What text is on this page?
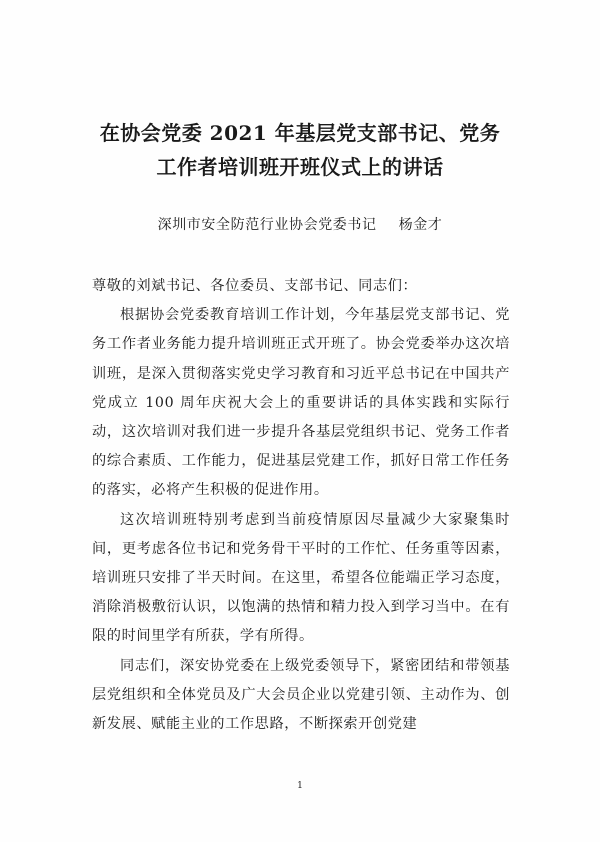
在协会党委 2021 年基层党支部书记、党务
工作者培训班开班仪式上的讲话

深圳市安全防范行业协会党委书记 杨金才

尊敬的刘斌书记、各位委员、支部书记、同志们：

根据协会党委教育培训工作计划，今年基层党支部书记、党务工作者业务能力提升培训班正式开班了。协会党委举办这次培训班，是深入贯彻落实党史学习教育和习近平总书记在中国共产党成立 100 周年庆祝大会上的重要讲话的具体实践和实际行动，这次培训对我们进一步提升各基层党组织书记、党务工作者的综合素质、工作能力，促进基层党建工作，抓好日常工作任务的落实，必将产生积极的促进作用。

这次培训班特别考虑到当前疫情原因尽量减少大家聚集时间，更考虑各位书记和党务骨干平时的工作忙、任务重等因素，培训班只安排了半天时间。在这里，希望各位能端正学习态度，消除消极敷衍认识，以饱满的热情和精力投入到学习当中。在有限的时间里学有所获，学有所得。

同志们，深安协党委在上级党委领导下，紧密团结和带领基层党组织和全体党员及广大会员企业以党建引领、主动作为、创新发展、赋能主业的工作思路，不断探索开创党建

1
